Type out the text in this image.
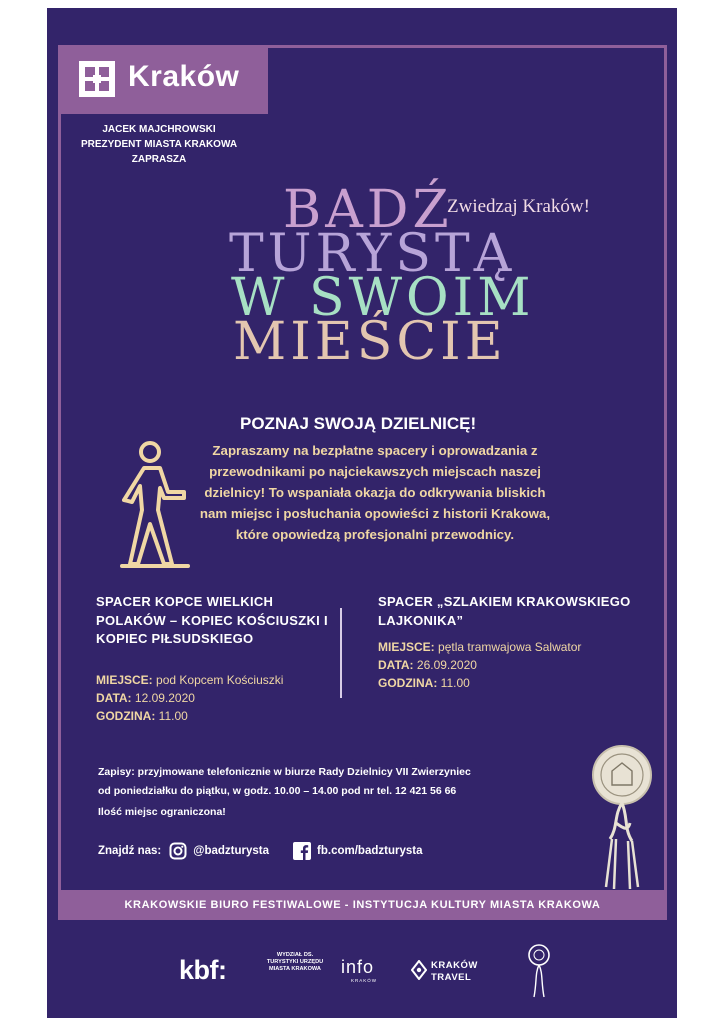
Kraków
JACEK MAJCHROWSKI
PREZYDENT MIASTA KRAKOWA
ZAPRASZA
BADŹ
TURYSTĄ
W SWOIM
MIEŚCIE
Zwiedzaj Kraków!
POZNAJ SWOJĄ DZIELNICĘ!
Zapraszamy na bezpłatne spacery i oprowadzania z przewodnikami po najciekawszych miejscach naszej dzielnicy! To wspaniała okazja do odkrywania bliskich nam miejsc i posłuchania opowieści z historii Krakowa, które opowiedzą profesjonalni przewodnicy.
SPACER KOPCE WIELKICH POLAKÓW – KOPIEC KOŚCIUSZKI I KOPIEC PIŁSUDSKIEGO
MIEJSCE: pod Kopcem Kościuszki
DATA: 12.09.2020
GODZINA: 11.00
SPACER „SZLAKIEM KRAKOWSKIEGO LAJKONIKA”
MIEJSCE: pętla tramwajowa Salwator
DATA: 26.09.2020
GODZINA: 11.00
Zapisy: przyjmowane telefonicznie w biurze Rady Dzielnicy VII Zwierzyniec
od poniedziałku do piątku, w godz. 10.00 – 14.00 pod nr tel. 12 421 56 66
Ilość miejsc ograniczona!
Znajdź nas:	@badzturysta	fb.com/badzturysta
KRAKOWSKIE BIURO FESTIWALOWE - INSTYTUCJA KULTURY MIASTA KRAKOWA
kbf:	WYDZIAŁ DS. TURYSTYKI URZĘDU MIASTA KRAKOWA info
KRAKÓW
KRAKÓW
TRAVEL
